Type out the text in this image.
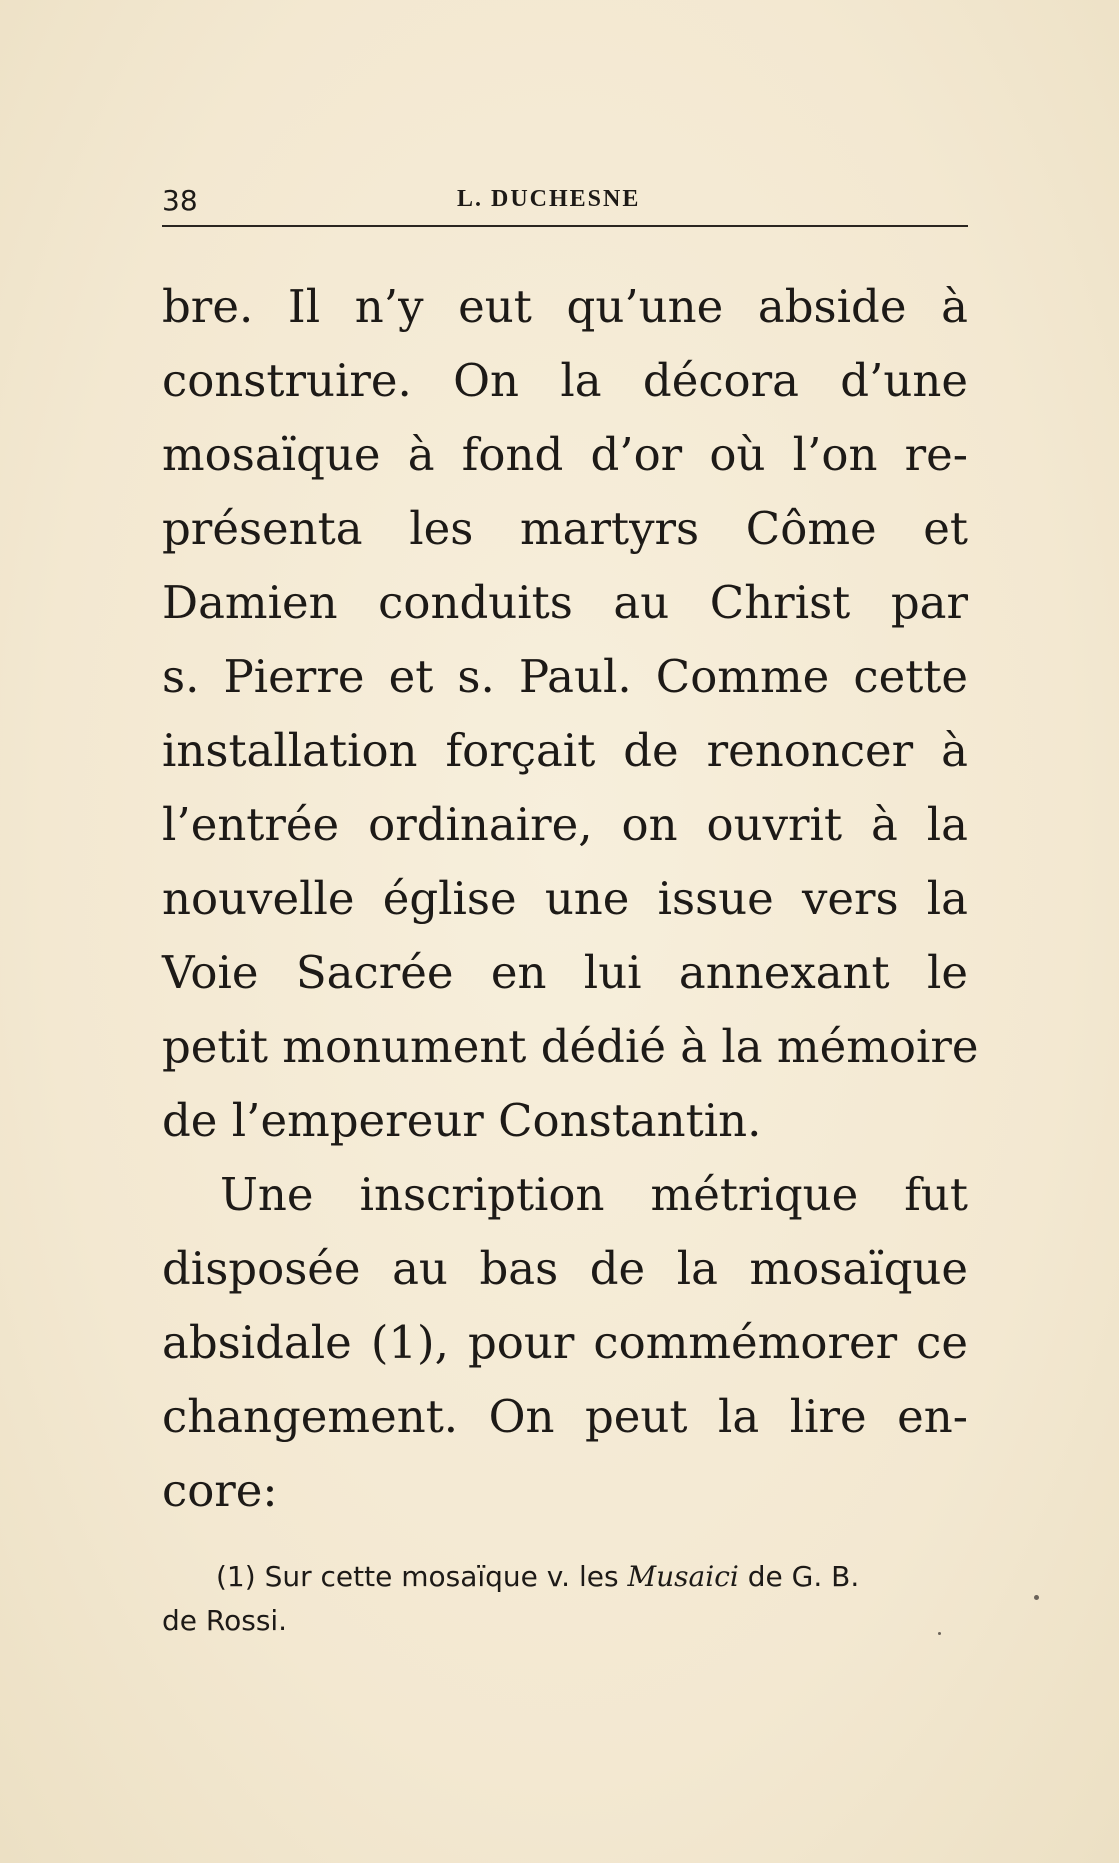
38	L. DUCHESNE
bre. Il n’y eut qu’une abside à
construire. On la décora d’une
mosaïque à fond d’or où l’on re-
présenta les martyrs Côme et
Damien conduits au Christ par
s. Pierre et s. Paul. Comme cette
installation forçait de renoncer à
l’entrée ordinaire, on ouvrit à la
nouvelle église une issue vers la
Voie Sacrée en lui annexant le
petit monument dédié à la mémoire
de l’empereur Constantin.
Une inscription métrique fut
disposée au bas de la mosaïque
absidale (1), pour commémorer ce
changement. On peut la lire en-
core:
(1) Sur cette mosaïque v. les Musaici de G. B.
de Rossi.
